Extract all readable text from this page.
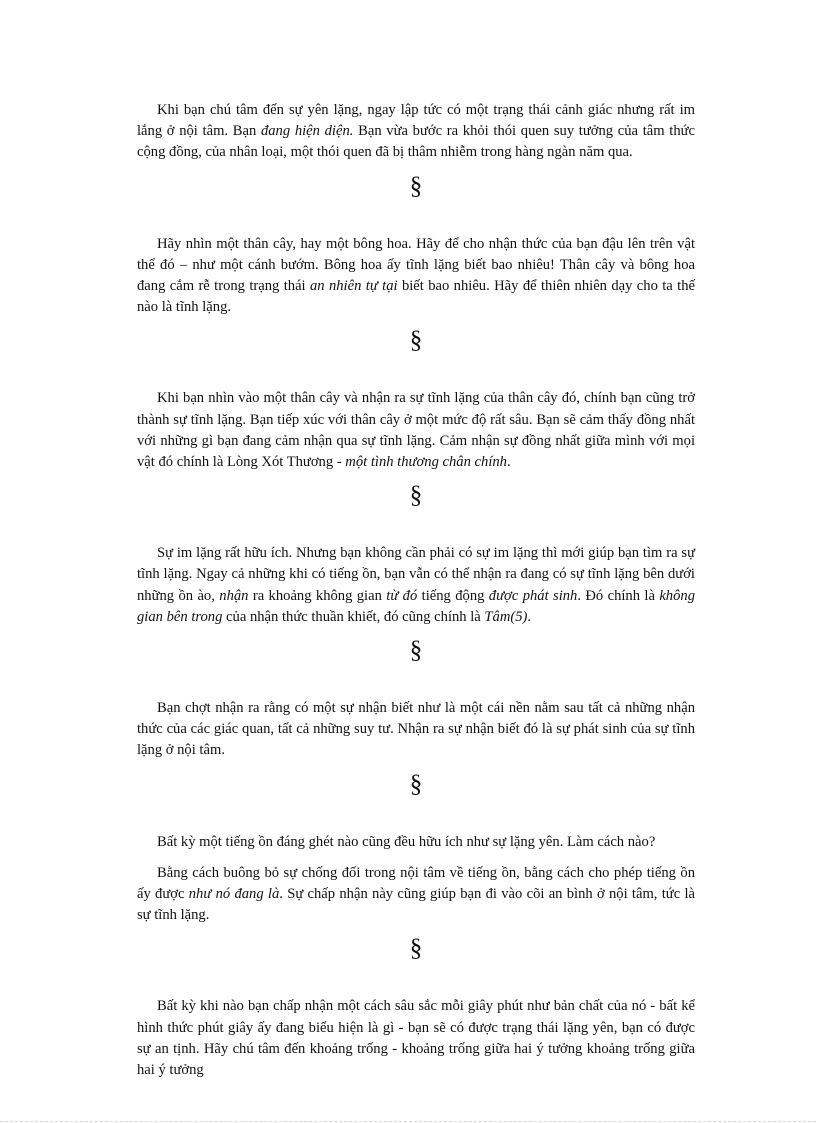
Khi bạn chú tâm đến sự yên lặng, ngay lập tức có một trạng thái cảnh giác nhưng rất im lắng ở nội tâm. Bạn đang hiện diện. Bạn vừa bước ra khỏi thói quen suy tưởng của tâm thức cộng đồng, của nhân loại, một thói quen đã bị thâm nhiễm trong hàng ngàn năm qua.

§

Hãy nhìn một thân cây, hay một bông hoa. Hãy để cho nhận thức của bạn đậu lên trên vật thể đó – như một cánh bướm. Bông hoa ấy tĩnh lặng biết bao nhiêu! Thân cây và bông hoa đang cắm rễ trong trạng thái an nhiên tự tại biết bao nhiêu. Hãy để thiên nhiên dạy cho ta thế nào là tĩnh lặng.

§

Khi bạn nhìn vào một thân cây và nhận ra sự tĩnh lặng của thân cây đó, chính bạn cũng trở thành sự tĩnh lặng. Bạn tiếp xúc với thân cây ở một mức độ rất sâu. Bạn sẽ cảm thấy đồng nhất với những gì bạn đang cảm nhận qua sự tĩnh lặng. Cảm nhận sự đồng nhất giữa mình với mọi vật đó chính là Lòng Xót Thương - một tình thương chân chính.

§

Sự im lặng rất hữu ích. Nhưng bạn không cần phải có sự im lặng thì mới giúp bạn tìm ra sự tĩnh lặng. Ngay cả những khi có tiếng ồn, bạn vẫn có thể nhận ra đang có sự tĩnh lặng bên dưới những ồn ào, nhận ra khoảng không gian từ đó tiếng động được phát sinh. Đó chính là không gian bên trong của nhận thức thuần khiết, đó cũng chính là Tâm(5).

§

Bạn chợt nhận ra rằng có một sự nhận biết như là một cái nền nằm sau tất cả những nhận thức của các giác quan, tất cả những suy tư. Nhận ra sự nhận biết đó là sự phát sinh của sự tĩnh lặng ở nội tâm.

§

Bất kỳ một tiếng ồn đáng ghét nào cũng đều hữu ích như sự lặng yên. Làm cách nào?

Bằng cách buông bỏ sự chống đối trong nội tâm về tiếng ồn, bằng cách cho phép tiếng ồn ấy được như nó đang là. Sự chấp nhận này cũng giúp bạn đi vào cõi an bình ở nội tâm, tức là sự tĩnh lặng.

§

Bất kỳ khi nào bạn chấp nhận một cách sâu sắc mỗi giây phút như bản chất của nó - bất kể hình thức phút giây ấy đang biểu hiện là gì - bạn sẽ có được trạng thái lặng yên, bạn có được sự an tịnh. Hãy chú tâm đến khoảng trống - khoảng trống giữa hai ý tưởng khoảng trống giữa hai ý tưởng
